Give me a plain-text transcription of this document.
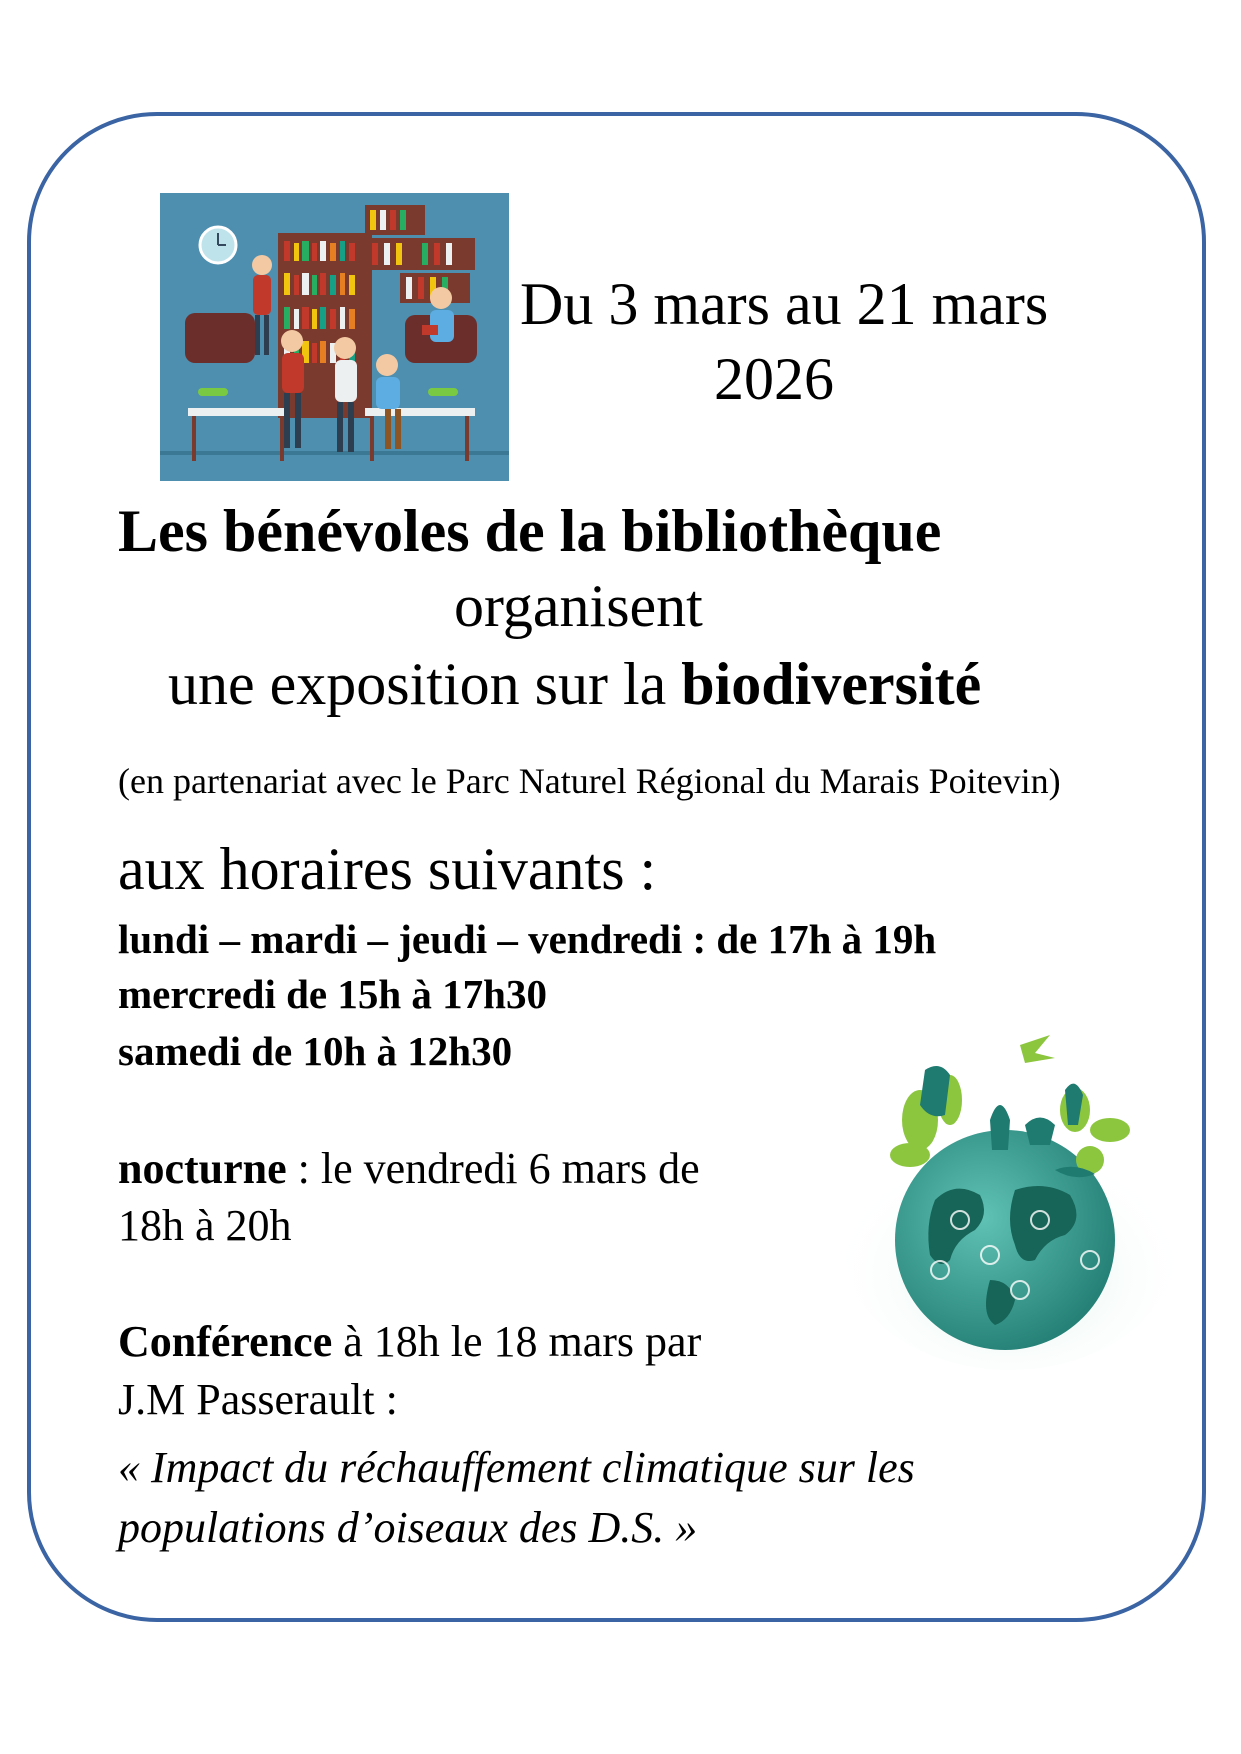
Du 3 mars au 21 mars
2026
Les bénévoles de la bibliothèque
organisent
une exposition sur la biodiversité
(en partenariat avec le Parc Naturel Régional du Marais Poitevin)
aux horaires suivants :
lundi – mardi – jeudi – vendredi : de 17h à 19h
mercredi de 15h à 17h30
samedi de 10h à 12h30
nocturne : le vendredi 6 mars de
18h à 20h
Conférence à 18h le 18 mars par
J.M Passerault :
« Impact du réchauffement climatique sur les
populations d’oiseaux des D.S. »
